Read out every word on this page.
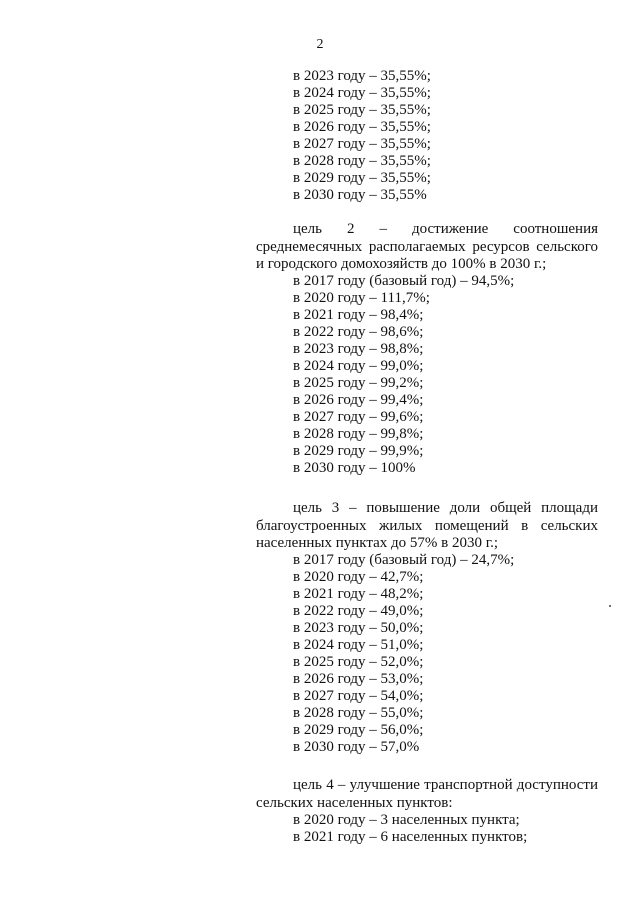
2
в 2023 году – 35,55%;
в 2024 году – 35,55%;
в 2025 году – 35,55%;
в 2026 году – 35,55%;
в 2027 году – 35,55%;
в 2028 году – 35,55%;
в 2029 году – 35,55%;
в 2030 году – 35,55%
цель 2 – достижение соотношения
среднемесячных располагаемых ресурсов сельского
и городского домохозяйств до 100% в 2030 г.;
в 2017 году (базовый год) – 94,5%;
в 2020 году – 111,7%;
в 2021 году – 98,4%;
в 2022 году – 98,6%;
в 2023 году – 98,8%;
в 2024 году – 99,0%;
в 2025 году – 99,2%;
в 2026 году – 99,4%;
в 2027 году – 99,6%;
в 2028 году – 99,8%;
в 2029 году – 99,9%;
в 2030 году – 100%
цель 3 – повышение доли общей площади
благоустроенных жилых помещений в сельских
населенных пунктах до 57% в 2030 г.;
в 2017 году (базовый год) – 24,7%;
в 2020 году – 42,7%;
в 2021 году – 48,2%;
в 2022 году – 49,0%;
в 2023 году – 50,0%;
в 2024 году – 51,0%;
в 2025 году – 52,0%;
в 2026 году – 53,0%;
в 2027 году – 54,0%;
в 2028 году – 55,0%;
в 2029 году – 56,0%;
в 2030 году – 57,0%
цель 4 – улучшение транспортной доступности
сельских населенных пунктов:
в 2020 году – 3 населенных пункта;
в 2021 году – 6 населенных пунктов;
